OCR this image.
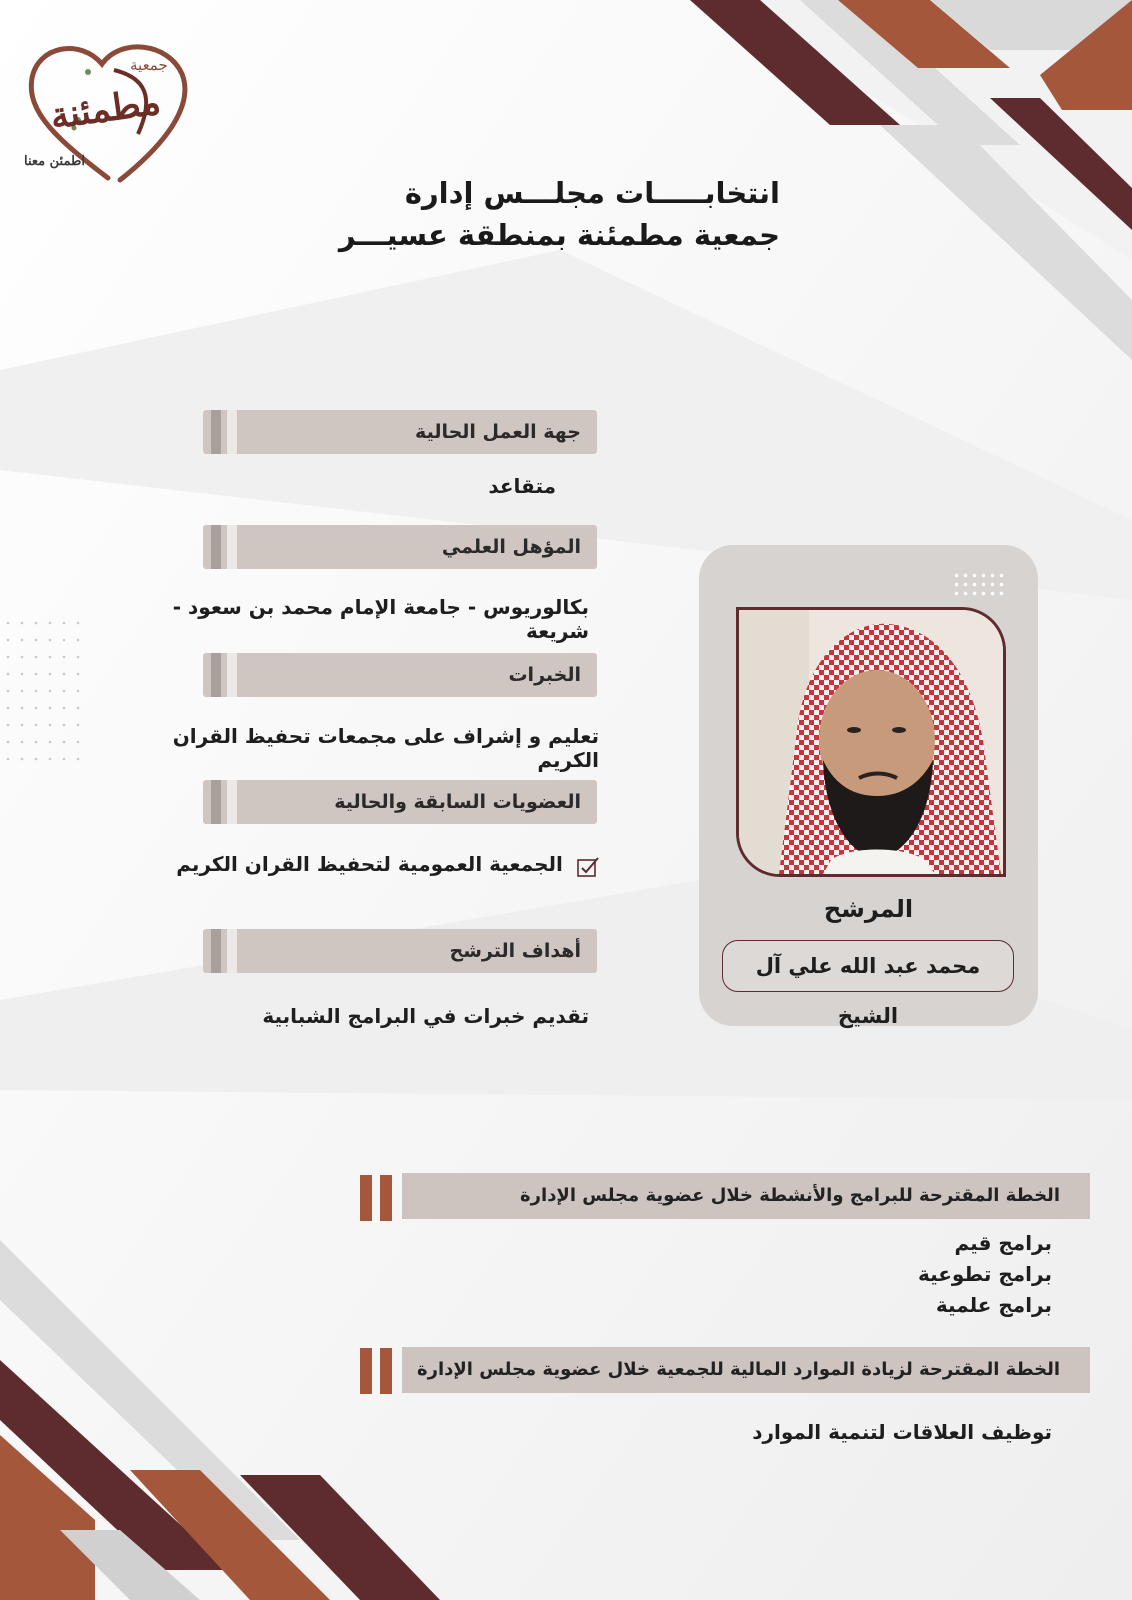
جمعية
مطمئنة
اطمئن معنا
انتخابـــــات مجلـــس إدارة
جمعية مطمئنة بمنطقة عسيـــر
جهة العمل الحالية
متقاعد
المؤهل العلمي
بكالوريوس - جامعة الإمام محمد بن سعود - شريعة
الخبرات
تعليم و إشراف على مجمعات تحفيظ القران الكريم
العضويات السابقة والحالية
الجمعية العمومية لتحفيظ القران الكريم
أهداف الترشح
تقديم خبرات في البرامج الشبابية
المرشح
محمد عبد الله علي آل الشيخ
الخطة المقترحة للبرامج والأنشطة خلال عضوية مجلس الإدارة
برامج قيم
برامج تطوعية
برامج علمية
الخطة المقترحة لزيادة الموارد المالية للجمعية خلال عضوية مجلس الإدارة
توظيف العلاقات لتنمية الموارد
